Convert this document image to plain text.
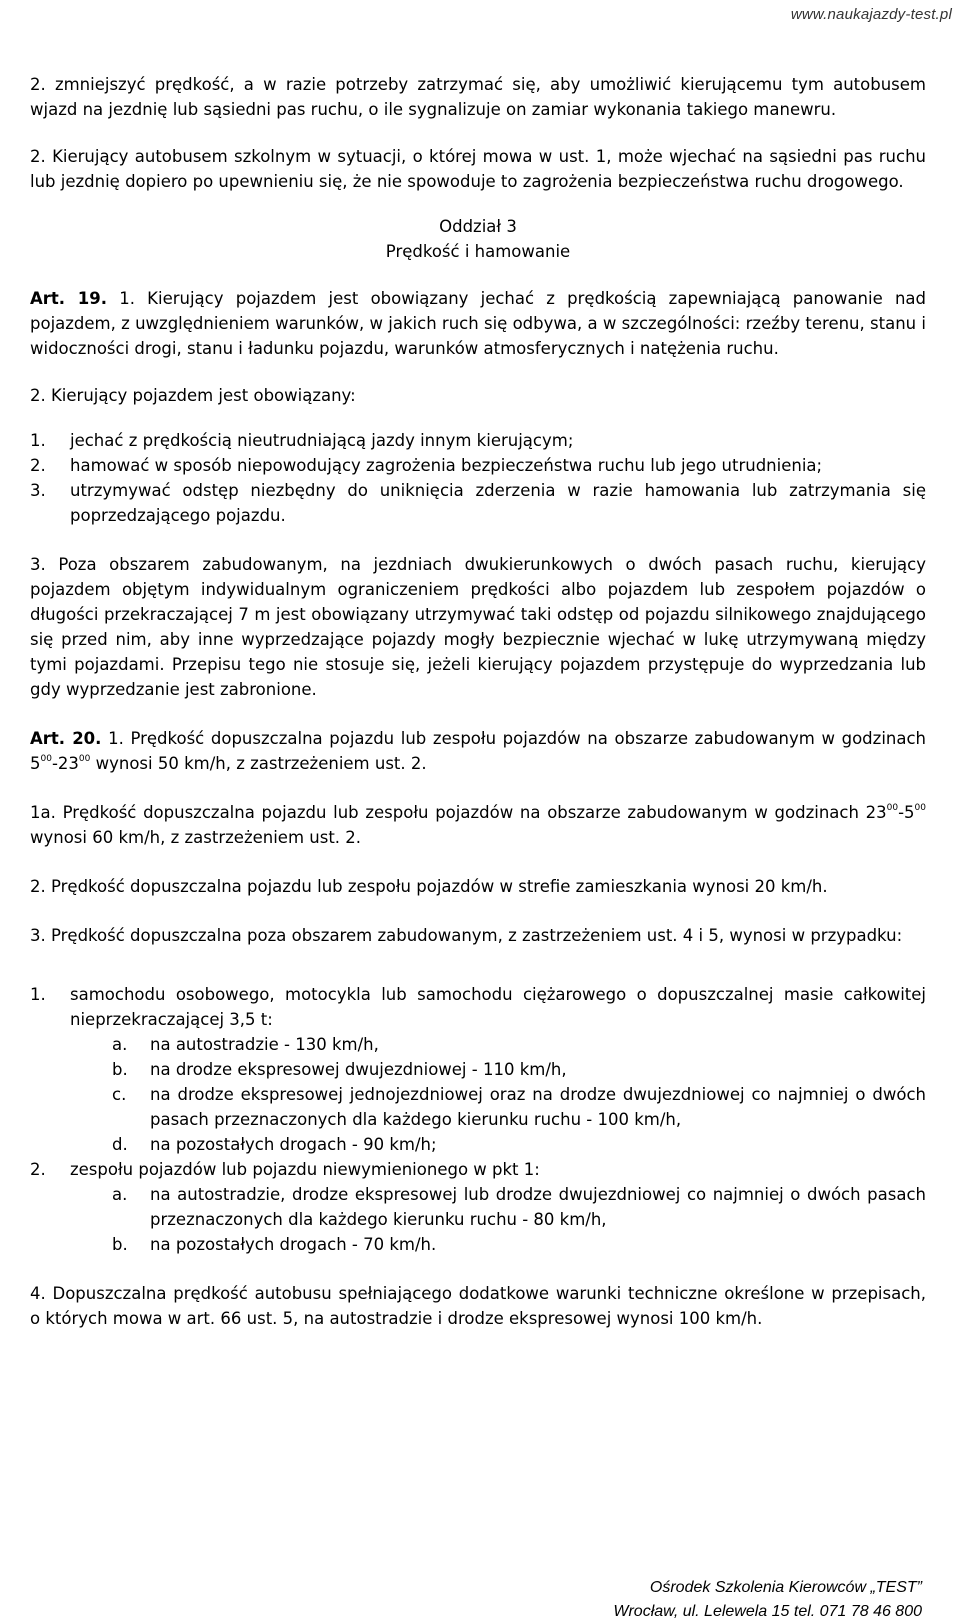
www.naukajazdy-test.pl

2. zmniejszyć prędkość, a w razie potrzeby zatrzymać się, aby umożliwić kierującemu tym autobusem wjazd na jezdnię lub sąsiedni pas ruchu, o ile sygnalizuje on zamiar wykonania takiego manewru.

2. Kierujący autobusem szkolnym w sytuacji, o której mowa w ust. 1, może wjechać na sąsiedni pas ruchu lub jezdnię dopiero po upewnieniu się, że nie spowoduje to zagrożenia bezpieczeństwa ruchu drogowego.

Oddział 3

Prędkość i hamowanie

Art. 19. 1. Kierujący pojazdem jest obowiązany jechać z prędkością zapewniającą panowanie nad pojazdem, z uwzględnieniem warunków, w jakich ruch się odbywa, a w szczególności: rzeźby terenu, stanu i widoczności drogi, stanu i ładunku pojazdu, warunków atmosferycznych i natężenia ruchu.

2. Kierujący pojazdem jest obowiązany:

1.	jechać z prędkością nieutrudniającą jazdy innym kierującym;
2.	hamować w sposób niepowodujący zagrożenia bezpieczeństwa ruchu lub jego utrudnienia;
3.	utrzymywać odstęp niezbędny do uniknięcia zderzenia w razie hamowania lub zatrzymania się poprzedzającego pojazdu.

3. Poza obszarem zabudowanym, na jezdniach dwukierunkowych o dwóch pasach ruchu, kierujący pojazdem objętym indywidualnym ograniczeniem prędkości albo pojazdem lub zespołem pojazdów o długości przekraczającej 7 m jest obowiązany utrzymywać taki odstęp od pojazdu silnikowego znajdującego się przed nim, aby inne wyprzedzające pojazdy mogły bezpiecznie wjechać w lukę utrzymywaną między tymi pojazdami. Przepisu tego nie stosuje się, jeżeli kierujący pojazdem przystępuje do wyprzedzania lub gdy wyprzedzanie jest zabronione.

Art. 20. 1. Prędkość dopuszczalna pojazdu lub zespołu pojazdów na obszarze zabudowanym w godzinach $5^{00}-23^{00}$ wynosi 50 km/h, z zastrzeżeniem ust. 2.

1a. Prędkość dopuszczalna pojazdu lub zespołu pojazdów na obszarze zabudowanym w godzinach $23^{00}-5^{00}$ wynosi 60 km/h, z zastrzeżeniem ust. 2.

2. Prędkość dopuszczalna pojazdu lub zespołu pojazdów w strefie zamieszkania wynosi 20 km/h.

3. Prędkość dopuszczalna poza obszarem zabudowanym, z zastrzeżeniem ust. 4 i 5, wynosi w przypadku:

1.	samochodu osobowego, motocykla lub samochodu ciężarowego o dopuszczalnej masie całkowitej nieprzekraczającej 3,5 t:
a.	na autostradzie - 130 km/h,
b.	na drodze ekspresowej dwujezdniowej - 110 km/h,
c.	na drodze ekspresowej jednojezdniowej oraz na drodze dwujezdniowej co najmniej o dwóch pasach przeznaczonych dla każdego kierunku ruchu - 100 km/h,
d.	na pozostałych drogach - 90 km/h;
2.	zespołu pojazdów lub pojazdu niewymienionego w pkt 1:
a.	na autostradzie, drodze ekspresowej lub drodze dwujezdniowej co najmniej o dwóch pasach przeznaczonych dla każdego kierunku ruchu - 80 km/h,
b.	na pozostałych drogach - 70 km/h.

4. Dopuszczalna prędkość autobusu spełniającego dodatkowe warunki techniczne określone w przepisach, o których mowa w art. 66 ust. 5, na autostradzie i drodze ekspresowej wynosi 100 km/h.

Ośrodek Szkolenia Kierowców „TEST”
Wrocław, ul. Lelewela 15 tel. 071 78 46 800
